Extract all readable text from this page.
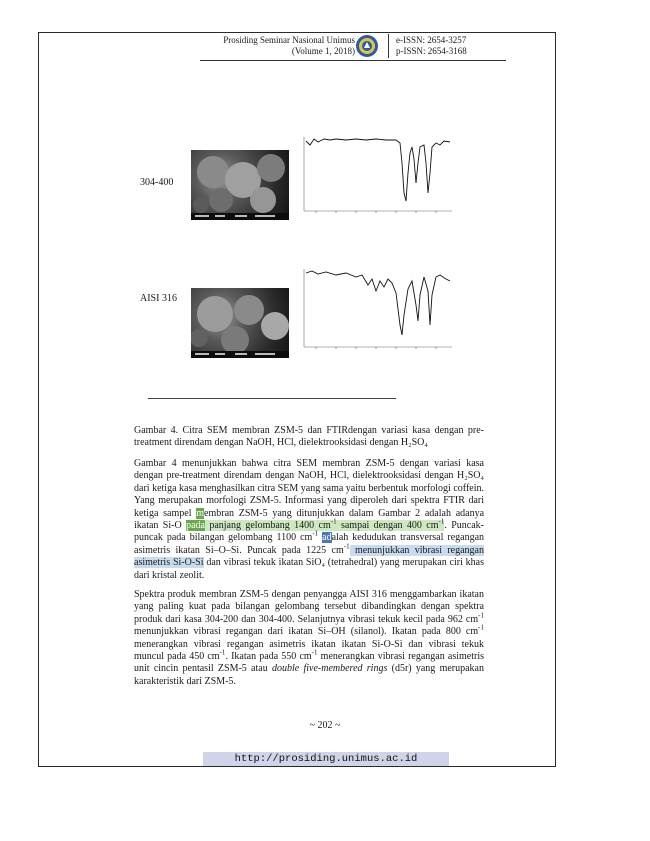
Prosiding Seminar Nasional Unimus
(Volume 1, 2018)
e-ISSN: 2654-3257
p-ISSN: 2654-3168
304-400
AISI 316
Gambar 4. Citra SEM membran ZSM-5 dan FTIRdengan variasi kasa dengan pre-treatment direndam dengan NaOH, HCl, dielektrooksidasi dengan H₂SO₄
Gambar 4 menunjukkan bahwa citra SEM membran ZSM-5 dengan variasi kasa dengan pre-treatment direndam dengan NaOH, HCl, dielektrooksidasi dengan H₂SO₄ dari ketiga kasa menghasilkan citra SEM yang sama yaitu berbentuk morfologi coffein. Yang merupakan morfologi ZSM-5. Informasi yang diperoleh dari spektra FTIR dari ketiga sampel membran ZSM-5 yang ditunjukkan dalam Gambar 2 adalah adanya ikatan Si-O pada panjang gelombang 1400 $cm^{-1}$ sampai dengan 400 $cm^{-1}$. Puncak-puncak pada bilangan gelombang 1100 $cm^{-1}$ adalah kedudukan transversal regangan asimetris ikatan Si–O–Si. Puncak pada 1225 $cm^{-1}$ menunjukkan vibrasi regangan asimetris Si-O-Si dan vibrasi tekuk ikatan SiO₄ (tetrahedral) yang merupakan ciri khas dari kristal zeolit.
Spektra produk membran ZSM-5 dengan penyangga AISI 316 menggambarkan ikatan yang paling kuat pada bilangan gelombang tersebut dibandingkan dengan spektra produk dari kasa 304-200 dan 304-400. Selanjutnya vibrasi tekuk kecil pada 962 $cm^{-1}$ menunjukkan vibrasi regangan dari ikatan Si–OH (silanol). Ikatan pada 800 $cm^{-1}$ menerangkan vibrasi regangan asimetris ikatan ikatan Si-O-Si dan vibrasi tekuk muncul pada 450 $cm^{-1}$. Ikatan pada 550 $cm^{-1}$ menerangkan vibrasi regangan asimetris unit cincin pentasil ZSM-5 atau double five-membered rings (d5r) yang merupakan karakteristik dari ZSM-5.
~ 202 ~
http://prosiding.unimus.ac.id
